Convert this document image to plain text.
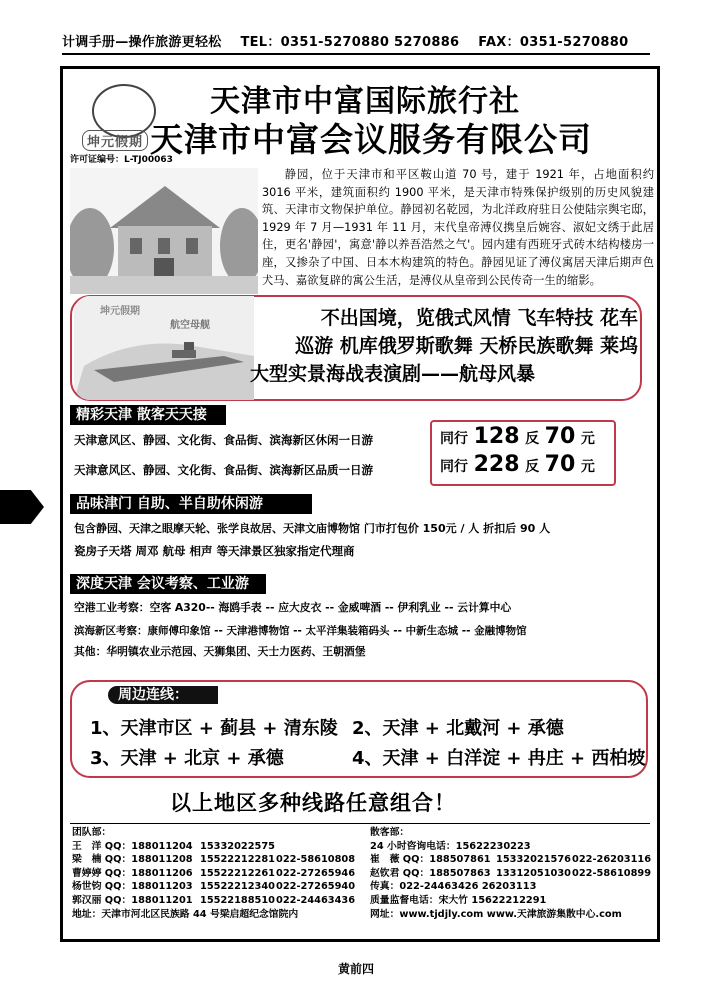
计调手册—操作旅游更轻松 TEL：0351-5270880 5270886 FAX：0351-5270880
坤元假期
许可证编号：L-TJ00063
天津市中富国际旅行社
天津市中富会议服务有限公司
静园，位于天津市和平区鞍山道 70 号，建于 1921 年，占地面积约 3016 平米，建筑面积约 1900 平米，是天津市特殊保护级别的历史风貌建筑、天津市文物保护单位。静园初名乾园，为北洋政府驻日公使陆宗舆宅邸，1929 年 7 月—1931 年 11 月，末代皇帝溥仪携皇后婉容、淑妃文绣于此居住，更名'静园'，寓意'静以养吾浩然之气'。园内建有西班牙式砖木结构楼房一座，又掺杂了中国、日本木构建筑的特色。静园见证了溥仪寓居天津后期声色犬马、嘉欲复辟的寓公生活，是溥仪从皇帝到公民传奇一生的缩影。
坤元假期
航空母舰	不出国境，览俄式风情 飞车特技 花车
巡游 机库俄罗斯歌舞 天桥民族歌舞 莱坞
大型实景海战表演剧——航母风暴
精彩天津 散客天天接
天津意风区、静园、文化街、食品街、滨海新区休闲一日游
天津意风区、静园、文化街、食品街、滨海新区品质一日游
同行 128 反 70 元
同行 228 反 70 元
品味津门 自助、半自助休闲游
包含静园、天津之眼摩天轮、张学良故居、天津文庙博物馆 门市打包价 150元 / 人 折扣后 90 人
瓷房子天塔 周邓 航母 相声 等天津景区独家指定代理商
深度天津 会议考察、工业游
空港工业考察：空客 A320-- 海鸥手表 -- 应大皮衣 -- 金威啤酒 -- 伊利乳业 -- 云计算中心
滨海新区考察：康师傅印象馆 -- 天津港博物馆 -- 太平洋集装箱码头 -- 中新生态城 -- 金融博物馆
其他：华明镇农业示范园、天狮集团、天士力医药、王朝酒堡
周边连线：
1、天津市区 + 蓟县 + 清东陵 2、天津 + 北戴河 + 承德
3、天津 + 北京 + 承德	4、天津 + 白洋淀 + 冉庄 + 西柏坡
以上地区多种线路任意组合！
团队部：
王　洋 QQ：188011204 15332022575
梁　楠 QQ：188011208 15522212281022-58610808
曹婷婷 QQ：188011206 15522212261022-27265946
杨世钧 QQ：188011203 15522212340022-27265940
郭汉丽 QQ：188011201 15522188510022-24463436
地址：天津市河北区民族路 44 号梁启超纪念馆院内
散客部：
24 小时咨询电话：15622230223
崔　薇 QQ：188507861 15332021576022-26203116
赵钦君 QQ：188507863 13312051030022-58610899
传真：022-24463426 26203113
质量监督电话：宋大竹 15622212291
网址：www.tjdjly.com www.天津旅游集散中心.com
黄前四
